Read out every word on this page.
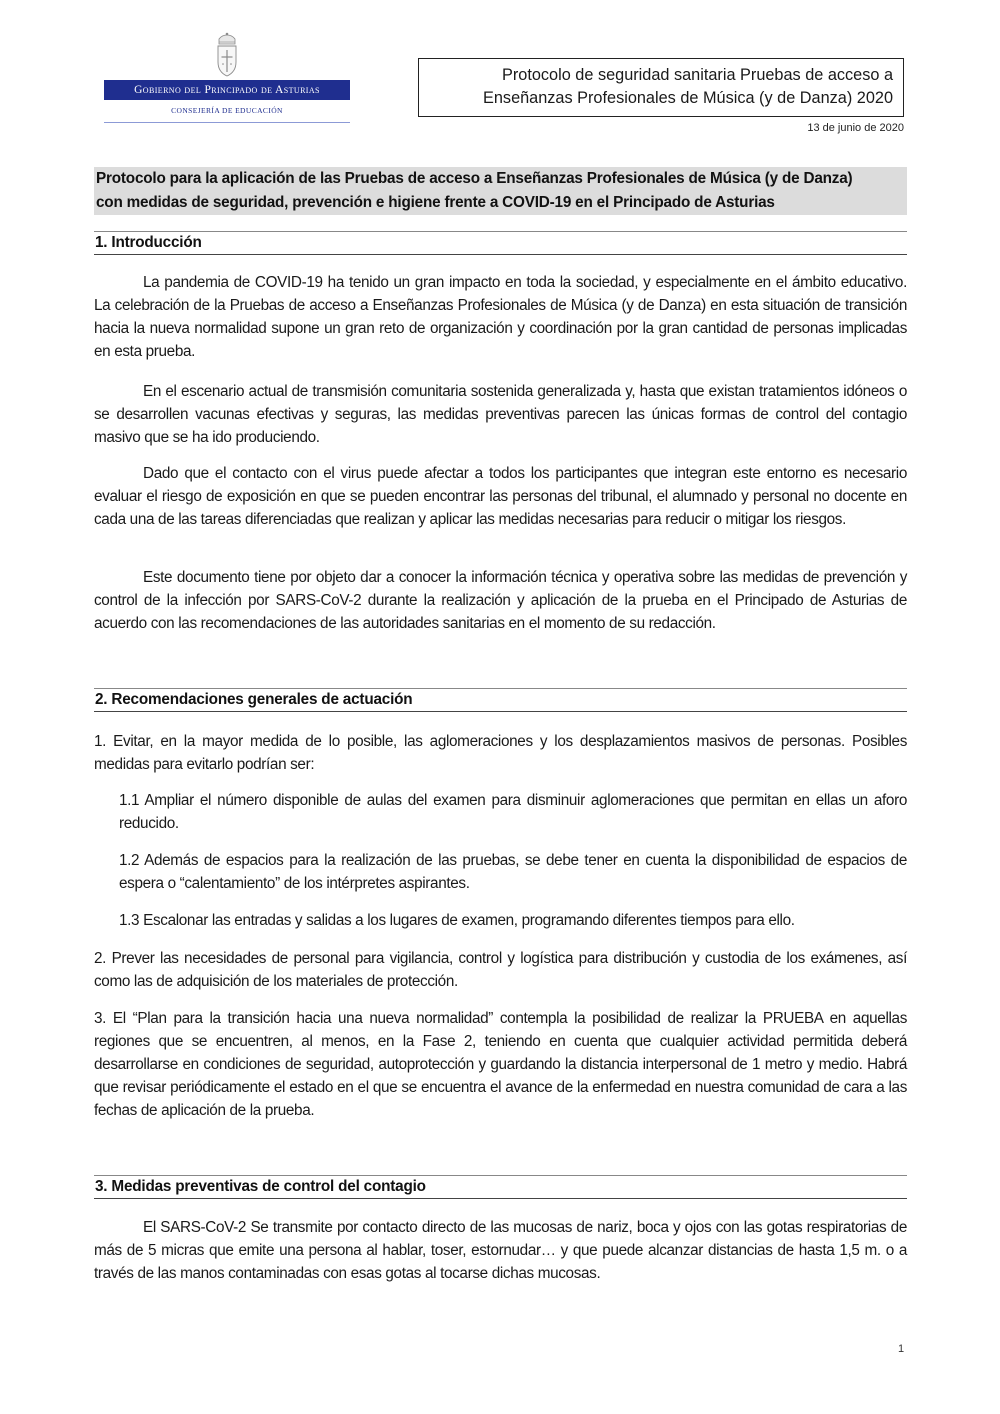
Gobierno del Principado de Asturias
CONSEJERÍA DE EDUCACIÓN
Protocolo de seguridad sanitaria Pruebas de acceso a
Enseñanzas Profesionales de Música (y de Danza) 2020
13 de junio de 2020
Protocolo para la aplicación de las Pruebas de acceso a Enseñanzas Profesionales de Música (y de Danza)
con medidas de seguridad, prevención e higiene frente a COVID-19 en el Principado de Asturias
1. Introducción

La pandemia de COVID-19 ha tenido un gran impacto en toda la sociedad, y especialmente en el ámbito educativo. La celebración de la Pruebas de acceso a Enseñanzas Profesionales de Música (y de Danza) en esta situación de transición hacia la nueva normalidad supone un gran reto de organización y coordinación por la gran cantidad de personas implicadas en esta prueba.

En el escenario actual de transmisión comunitaria sostenida generalizada y, hasta que existan tratamientos idóneos o se desarrollen vacunas efectivas y seguras, las medidas preventivas parecen las únicas formas de control del contagio masivo que se ha ido produciendo.

Dado que el contacto con el virus puede afectar a todos los participantes que integran este entorno es necesario evaluar el riesgo de exposición en que se pueden encontrar las personas del tribunal, el alumnado y personal no docente en cada una de las tareas diferenciadas que realizan y aplicar las medidas necesarias para reducir o mitigar los riesgos.

Este documento tiene por objeto dar a conocer la información técnica y operativa sobre las medidas de prevención y control de la infección por SARS-CoV-2 durante la realización y aplicación de la prueba en el Principado de Asturias de acuerdo con las recomendaciones de las autoridades sanitarias en el momento de su redacción.

2. Recomendaciones generales de actuación

1. Evitar, en la mayor medida de lo posible, las aglomeraciones y los desplazamientos masivos de personas. Posibles medidas para evitarlo podrían ser:

1.1 Ampliar el número disponible de aulas del examen para disminuir aglomeraciones que permitan en ellas un aforo reducido.

1.2 Además de espacios para la realización de las pruebas, se debe tener en cuenta la disponibilidad de espacios de espera o “calentamiento” de los intérpretes aspirantes.

1.3 Escalonar las entradas y salidas a los lugares de examen, programando diferentes tiempos para ello.

2. Prever las necesidades de personal para vigilancia, control y logística para distribución y custodia de los exámenes, así como las de adquisición de los materiales de protección.

3. El “Plan para la transición hacia una nueva normalidad” contempla la posibilidad de realizar la PRUEBA en aquellas regiones que se encuentren, al menos, en la Fase 2, teniendo en cuenta que cualquier actividad permitida deberá desarrollarse en condiciones de seguridad, autoprotección y guardando la distancia interpersonal de 1 metro y medio. Habrá que revisar periódicamente el estado en el que se encuentra el avance de la enfermedad en nuestra comunidad de cara a las fechas de aplicación de la prueba.

3. Medidas preventivas de control del contagio

El SARS-CoV-2 Se transmite por contacto directo de las mucosas de nariz, boca y ojos con las gotas respiratorias de más de 5 micras que emite una persona al hablar, toser, estornudar… y que puede alcanzar distancias de hasta 1,5 m. o a través de las manos contaminadas con esas gotas al tocarse dichas mucosas.

1
